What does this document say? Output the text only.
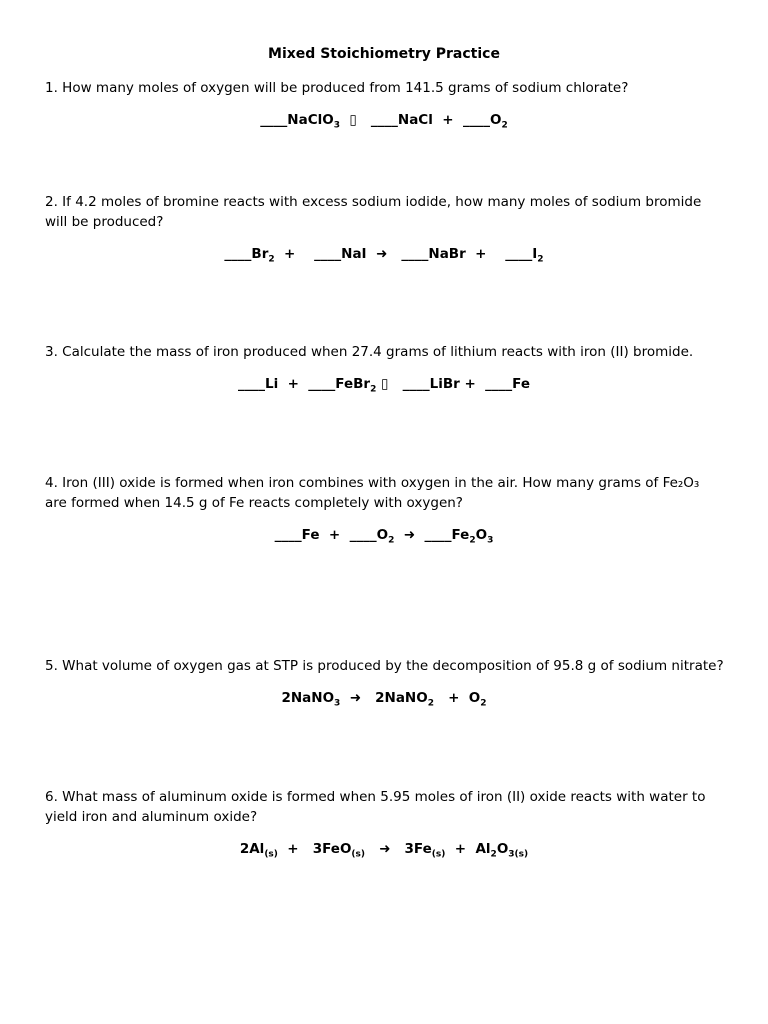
Mixed Stoichiometry Practice
1. How many moles of oxygen will be produced from 141.5 grams of sodium chlorate?
____NaClO$_3$  ▯   ____NaCl  +  $\_\_\_\_O_2$
2. If 4.2 moles of bromine reacts with excess sodium iodide, how many moles of sodium bromide will be produced?
$\_\_\_\_Br_2$  +    ____NaI  ➜   ____NaBr  +    $\_\_\_\_I_2$
3. Calculate the mass of iron produced when 27.4 grams of lithium reacts with iron (II) bromide.
____Li  +  ____FeBr$_2$ ▯   ____LiBr +  ____Fe
4. Iron (III) oxide is formed when iron combines with oxygen in the air. How many grams of Fe₂O₃ are formed when 14.5 g of Fe reacts completely with oxygen?
____Fe  +  $\_\_\_\_O_2$  ➜  $\_\_\_\_Fe_2O_3$
5. What volume of oxygen gas at STP is produced by the decomposition of 95.8 g of sodium nitrate?
2NaNO$_3$  ➜   2NaNO$_2$   +  $O_2$
6. What mass of aluminum oxide is formed when 5.95 moles of iron (II) oxide reacts with water to yield iron and aluminum oxide?
$2Al_{(s)} + 3FeO_{(s)}$   ➜   $3Fe_{(s)} + Al_2O_{3(s)}$
